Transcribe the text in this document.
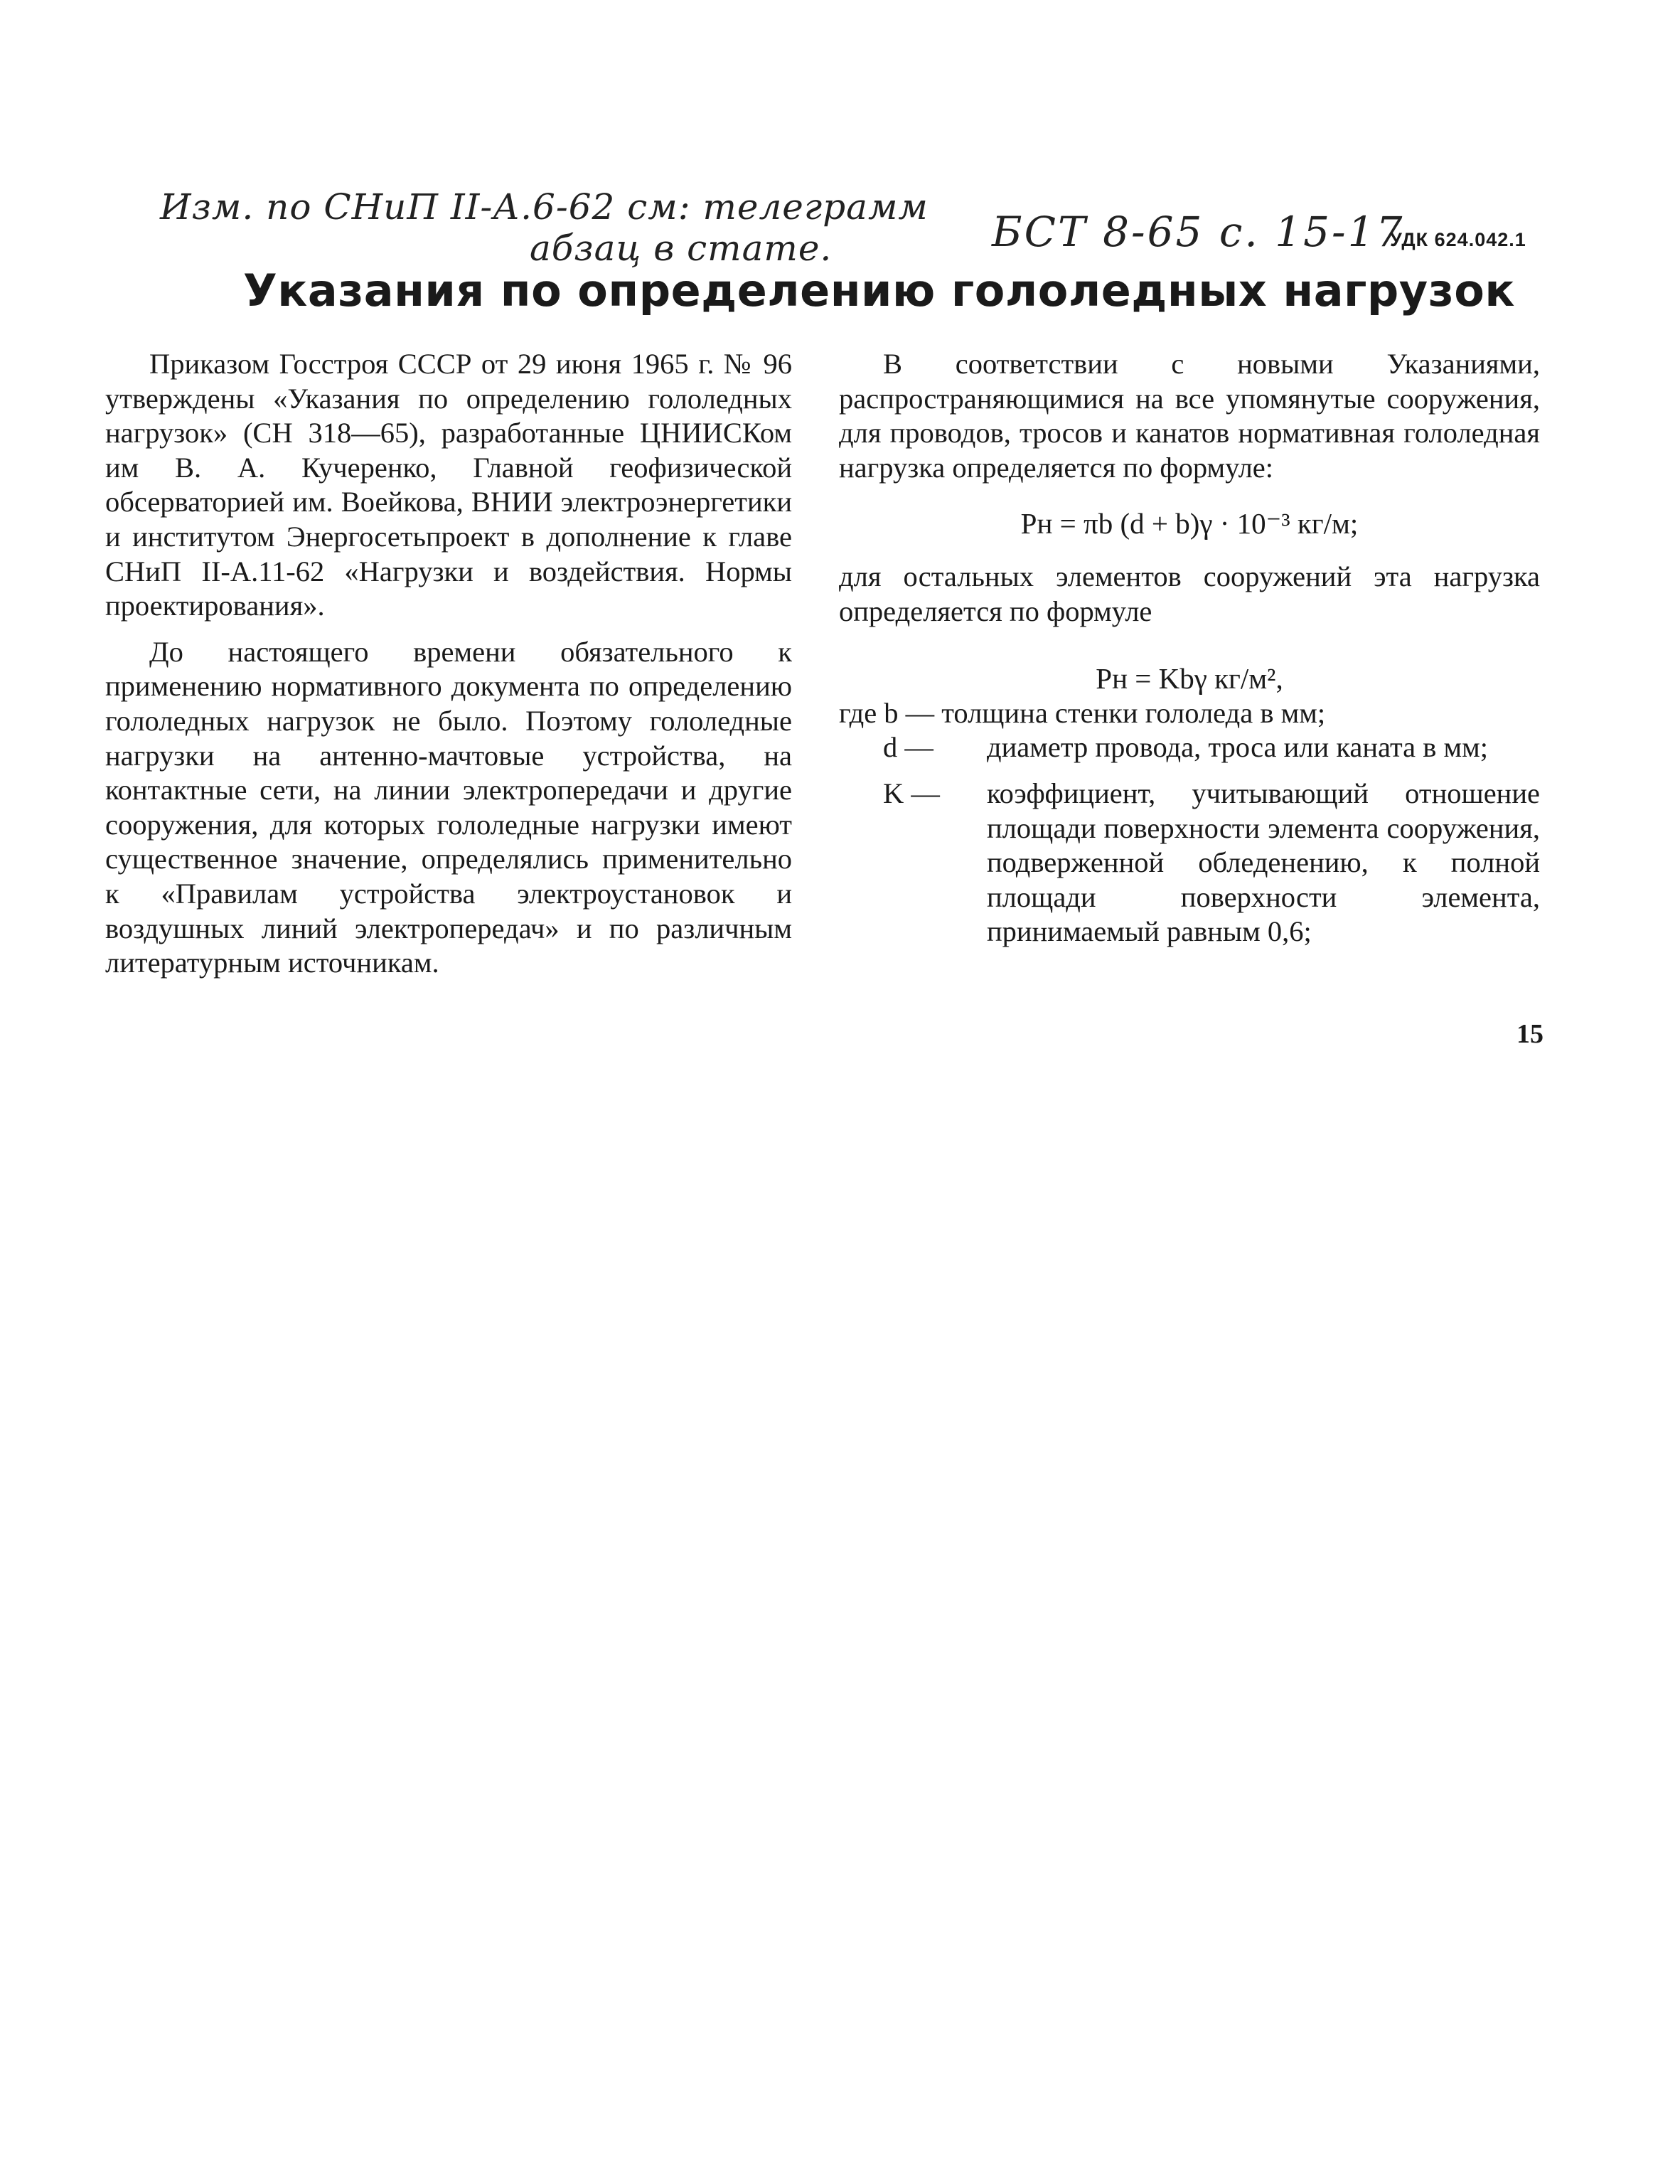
Изм. по СНиП II-А.6-62 см: телеграмм
абзац в стате.	БСТ 8-65 с. 15-17
УДК 624.042.1
Указания по определению гололедных нагрузок

Приказом Госстроя СССР от 29 июня 1965 г. № 96 утверждены «Указания по определению гололедных нагрузок» (СН 318—65), разработанные ЦНИИСКом им В. А. Кучеренко, Главной геофизической обсерваторией им. Воейкова, ВНИИ электроэнергетики и институтом Энергосетьпроект в дополнение к главе СНиП II-А.11-62 «Нагрузки и воздействия. Нормы проектирования».

До настоящего времени обязательного к применению нормативного документа по определению гололедных нагрузок не было. Поэтому гололедные нагрузки на антенно-мачтовые устройства, на контактные сети, на линии электропередачи и другие сооружения, для которых гололедные нагрузки имеют существенное значение, определялись применительно к «Правилам устройства электроустановок и воздушных линий электропередач» и по различным литературным источникам.

В соответствии с новыми Указаниями, распространяющимися на все упомянутые сооружения, для проводов, тросов и канатов нормативная гололедная нагрузка определяется по формуле:

Pн = πb (d + b)γ · 10⁻³ кг/м;

для остальных элементов сооружений эта нагрузка определяется по формуле

Pн = Kbγ кг/м²,

где b — толщина стенки гололеда в мм;
d —	диаметр провода, троса или каната в мм;
K —	коэффициент, учитывающий отношение площади поверхности элемента сооружения, подверженной обледенению, к полной площади поверхности элемента, принимаемый равным 0,6;
15
